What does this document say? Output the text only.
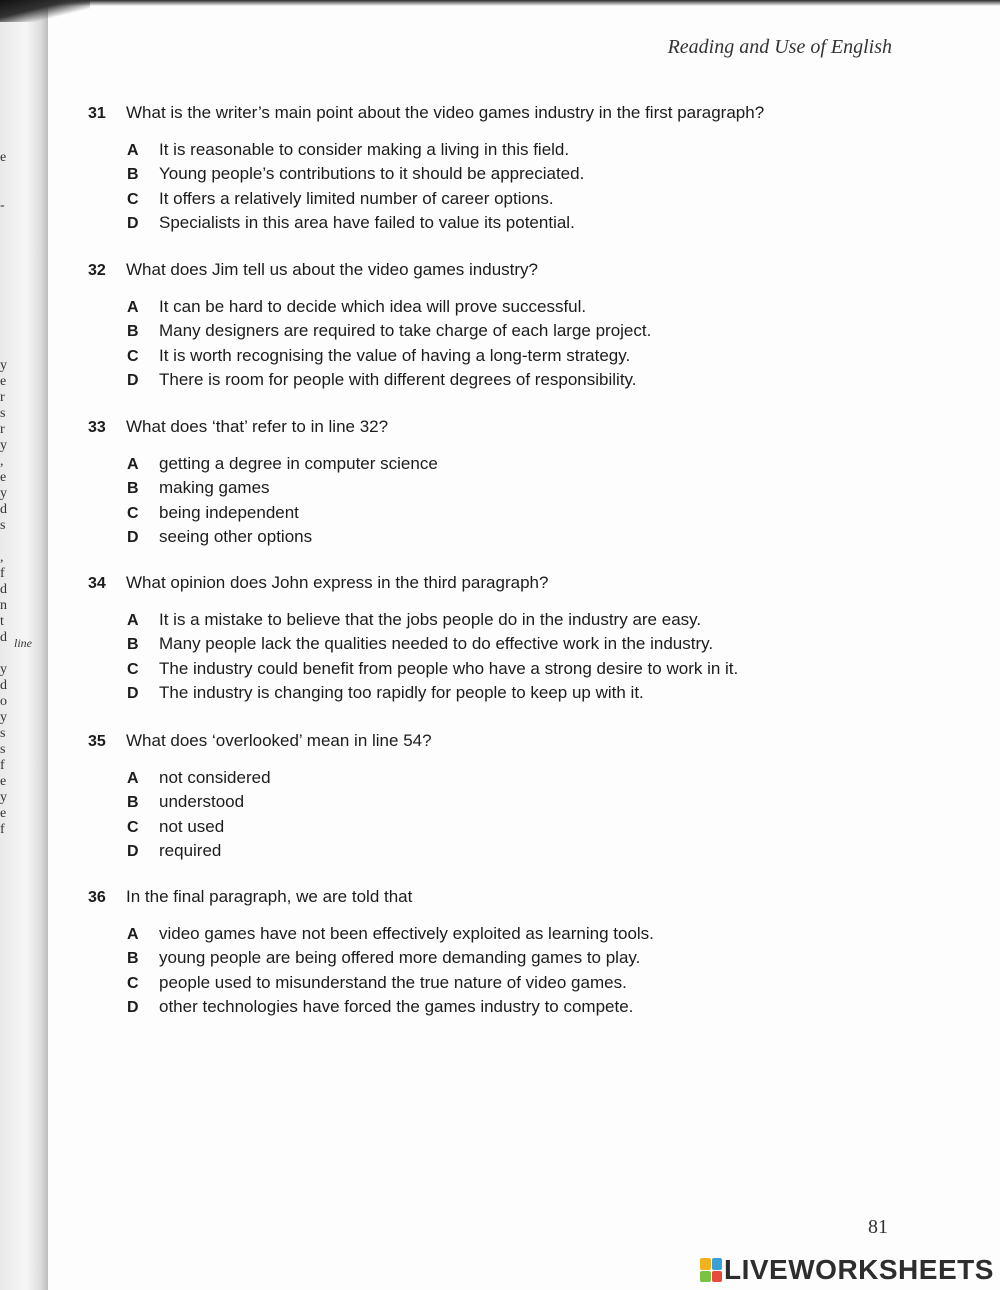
e
-
y
e
r
s
r
y
,
e
y
d
s
,
f
d
n
t
d
y
d
o
y
s
s
f
e
y
e
f
line
Reading and Use of English
31	What is the writer’s main point about the video games industry in the first paragraph?
A	It is reasonable to consider making a living in this field.
B	Young people’s contributions to it should be appreciated.
C	It offers a relatively limited number of career options.
D	Specialists in this area have failed to value its potential.
32	What does Jim tell us about the video games industry?
A	It can be hard to decide which idea will prove successful.
B	Many designers are required to take charge of each large project.
C	It is worth recognising the value of having a long-term strategy.
D	There is room for people with different degrees of responsibility.
33	What does ‘that’ refer to in line 32?
A	getting a degree in computer science
B	making games
C	being independent
D	seeing other options
34	What opinion does John express in the third paragraph?
A	It is a mistake to believe that the jobs people do in the industry are easy.
B	Many people lack the qualities needed to do effective work in the industry.
C	The industry could benefit from people who have a strong desire to work in it.
D	The industry is changing too rapidly for people to keep up with it.
35	What does ‘overlooked’ mean in line 54?
A	not considered
B	understood
C	not used
D	required
36	In the final paragraph, we are told that
A	video games have not been effectively exploited as learning tools.
B	young people are being offered more demanding games to play.
C	people used to misunderstand the true nature of video games.
D	other technologies have forced the games industry to compete.
81
LIVEWORKSHEETS
